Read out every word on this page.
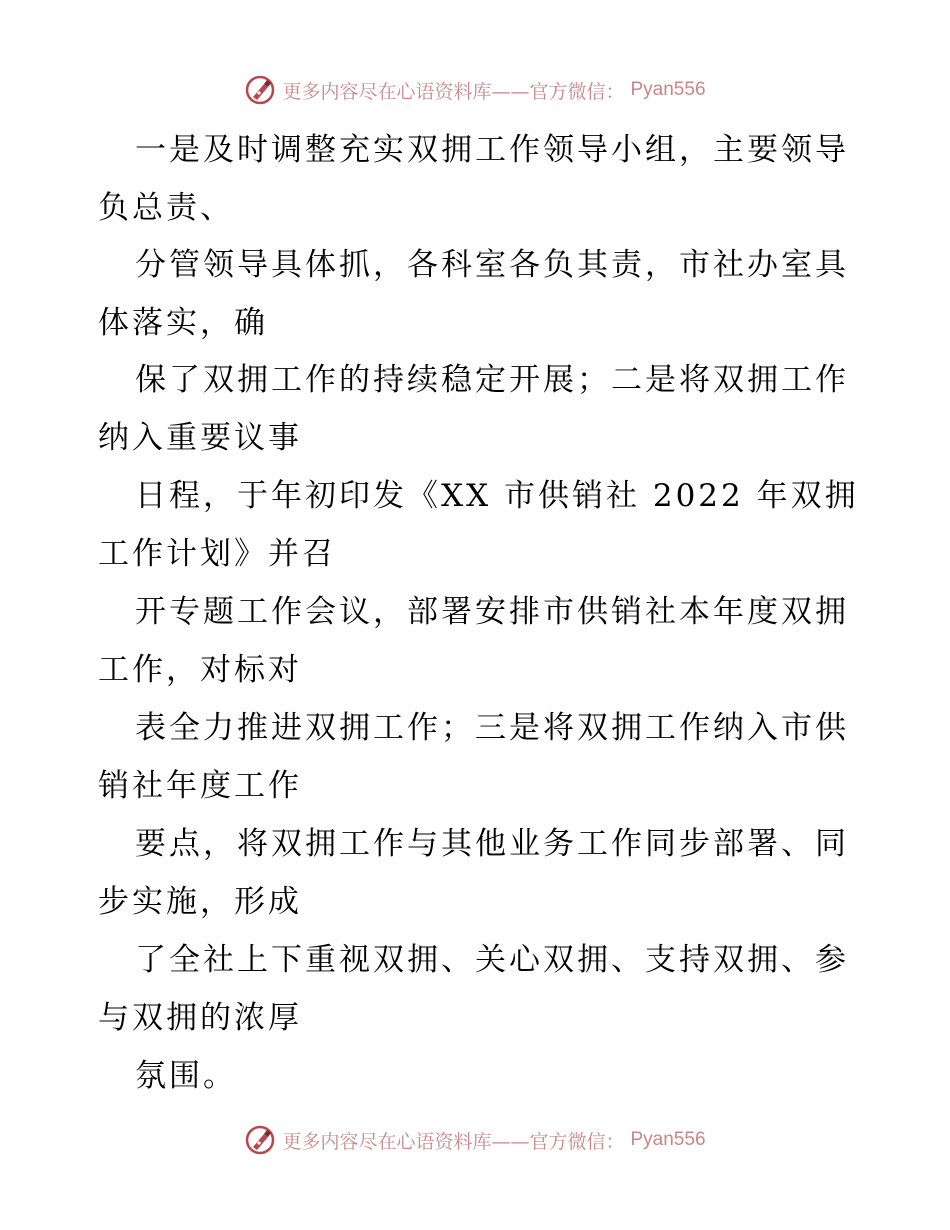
更多内容尽在心语资料库——官方微信： Pyan556
一是及时调整充实双拥工作领导小组，主要领导
负总责、
分管领导具体抓，各科室各负其责，市社办室具
体落实，确
保了双拥工作的持续稳定开展；二是将双拥工作
纳入重要议事
日程，于年初印发《XX 市供销社 2022 年双拥
工作计划》并召
开专题工作会议，部署安排市供销社本年度双拥
工作，对标对
表全力推进双拥工作；三是将双拥工作纳入市供
销社年度工作
要点，将双拥工作与其他业务工作同步部署、同
步实施，形成
了全社上下重视双拥、关心双拥、支持双拥、参
与双拥的浓厚
氛围。
更多内容尽在心语资料库——官方微信： Pyan556
